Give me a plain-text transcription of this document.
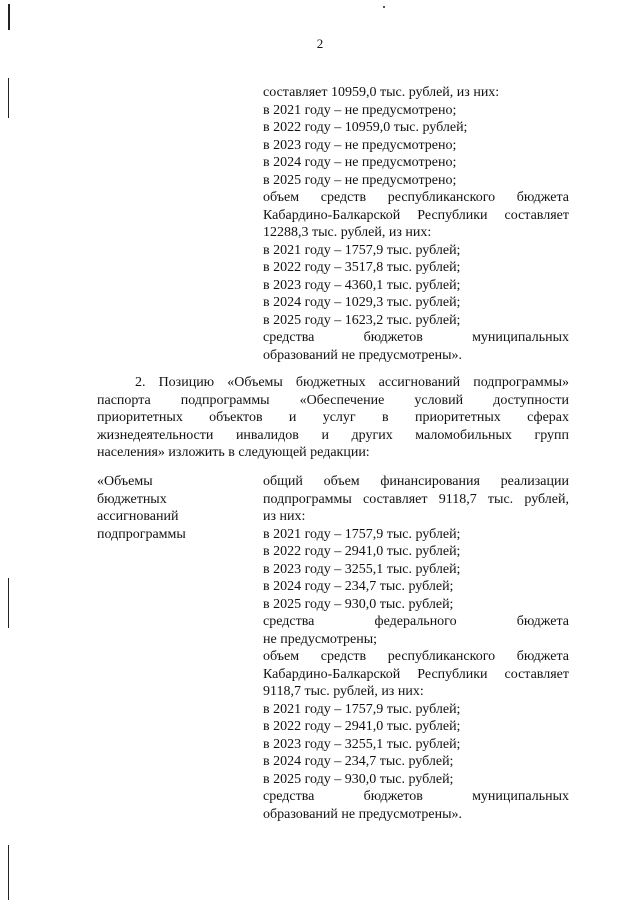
2
составляет 10959,0 тыс. рублей, из них:
в 2021 году – не предусмотрено;
в 2022 году – 10959,0 тыс. рублей;
в 2023 году – не предусмотрено;
в 2024 году – не предусмотрено;
в 2025 году – не предусмотрено;
объем средств республиканского бюджета
Кабардино-Балкарской Республики составляет
12288,3 тыс. рублей, из них:
в 2021 году – 1757,9 тыс. рублей;
в 2022 году – 3517,8 тыс. рублей;
в 2023 году – 4360,1 тыс. рублей;
в 2024 году – 1029,3 тыс. рублей;
в 2025 году – 1623,2 тыс. рублей;
средства бюджетов муниципальных
образований не предусмотрены».
2. Позицию «Объемы бюджетных ассигнований подпрограммы»
паспорта подпрограммы «Обеспечение условий доступности
приоритетных объектов и услуг в приоритетных сферах
жизнедеятельности инвалидов и других маломобильных групп
населения» изложить в следующей редакции:
«Объемы
бюджетных
ассигнований
подпрограммы
общий объем финансирования реализации
подпрограммы составляет 9118,7 тыс. рублей,
из них:
в 2021 году – 1757,9 тыс. рублей;
в 2022 году – 2941,0 тыс. рублей;
в 2023 году – 3255,1 тыс. рублей;
в 2024 году – 234,7 тыс. рублей;
в 2025 году – 930,0 тыс. рублей;
средства федерального бюджета
не предусмотрены;
объем средств республиканского бюджета
Кабардино-Балкарской Республики составляет
9118,7 тыс. рублей, из них:
в 2021 году – 1757,9 тыс. рублей;
в 2022 году – 2941,0 тыс. рублей;
в 2023 году – 3255,1 тыс. рублей;
в 2024 году – 234,7 тыс. рублей;
в 2025 году – 930,0 тыс. рублей;
средства бюджетов муниципальных
образований не предусмотрены».
